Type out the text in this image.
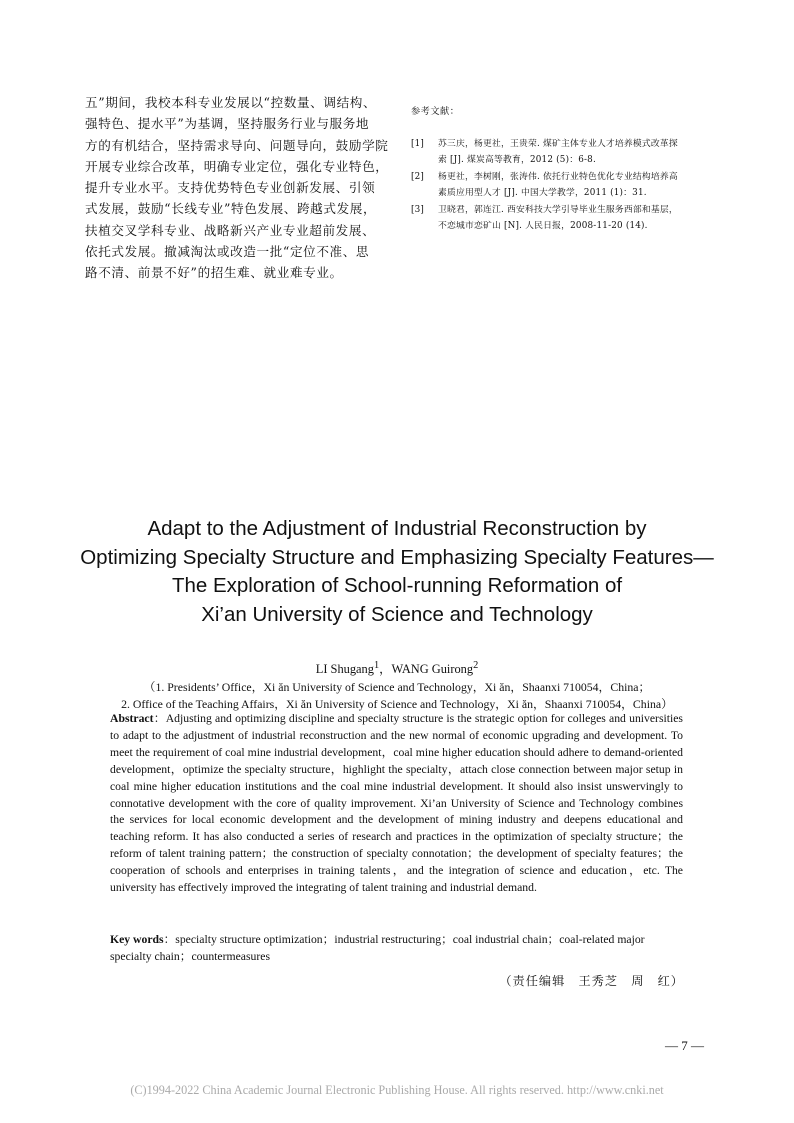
五”期间，我校本科专业发展以“控数量、调结构、
强特色、提水平”为基调，坚持服务行业与服务地
方的有机结合，坚持需求导向、问题导向，鼓励学院
开展专业综合改革，明确专业定位，强化专业特色，
提升专业水平。支持优势特色专业创新发展、引领
式发展，鼓励“长线专业”特色发展、跨越式发展，
扶植交叉学科专业、战略新兴产业专业超前发展、
依托式发展。撤减淘汰或改造一批“定位不准、思
路不清、前景不好”的招生难、就业难专业。
参考文献：
[1] 苏三庆，杨更社，王贵荣. 煤矿主体专业人才培养模式改革探
索 [J]. 煤炭高等教育，2012 (5)：6-8.
[2] 杨更社，李树刚，张涛伟. 依托行业特色优化专业结构培养高
素质应用型人才 [J]. 中国大学教学，2011 (1)：31.
[3] 卫晓君，郭连江. 西安科技大学引导毕业生服务西部和基层，
不恋城市恋矿山 [N]. 人民日报，2008-11-20 (14).
Adapt to the Adjustment of Industrial Reconstruction by
Optimizing Specialty Structure and Emphasizing Specialty Features—
The Exploration of School-running Reformation of
Xi’an University of Science and Technology
LI Shugang$^1$，WANG Guirong$^2$
（1. Presidents’ Office，Xi ăn University of Science and Technology，Xi ăn，Shaanxi 710054，China；
2. Office of the Teaching Affairs，Xi ăn University of Science and Technology，Xi ăn，Shaanxi 710054，China）

Abstract：Adjusting and optimizing discipline and specialty structure is the strategic option for colleges and universities to adapt to the adjustment of industrial reconstruction and the new normal of economic upgrading and development. To meet the requirement of coal mine industrial development，coal mine higher education should adhere to demand-oriented development，optimize the specialty structure，highlight the specialty，attach close connection between major setup in coal mine higher education institutions and the coal mine industrial development. It should also insist unswervingly to connotative development with the core of quality improvement. Xi’an University of Science and Technology combines the services for local economic development and the development of mining industry and deepens educational and teaching reform. It has also conducted a series of research and practices in the optimization of specialty structure；the reform of talent training pattern；the construction of specialty connotation；the development of specialty features；the cooperation of schools and enterprises in training talents，and the integration of science and education，etc. The university has effectively improved the integrating of talent training and industrial demand.

Key words：specialty structure optimization；industrial restructuring；coal industrial chain；coal-related major specialty chain；countermeasures

（责任编辑　王秀芝　周　红）
— 7 —
(C)1994-2022 China Academic Journal Electronic Publishing House. All rights reserved. http://www.cnki.net
